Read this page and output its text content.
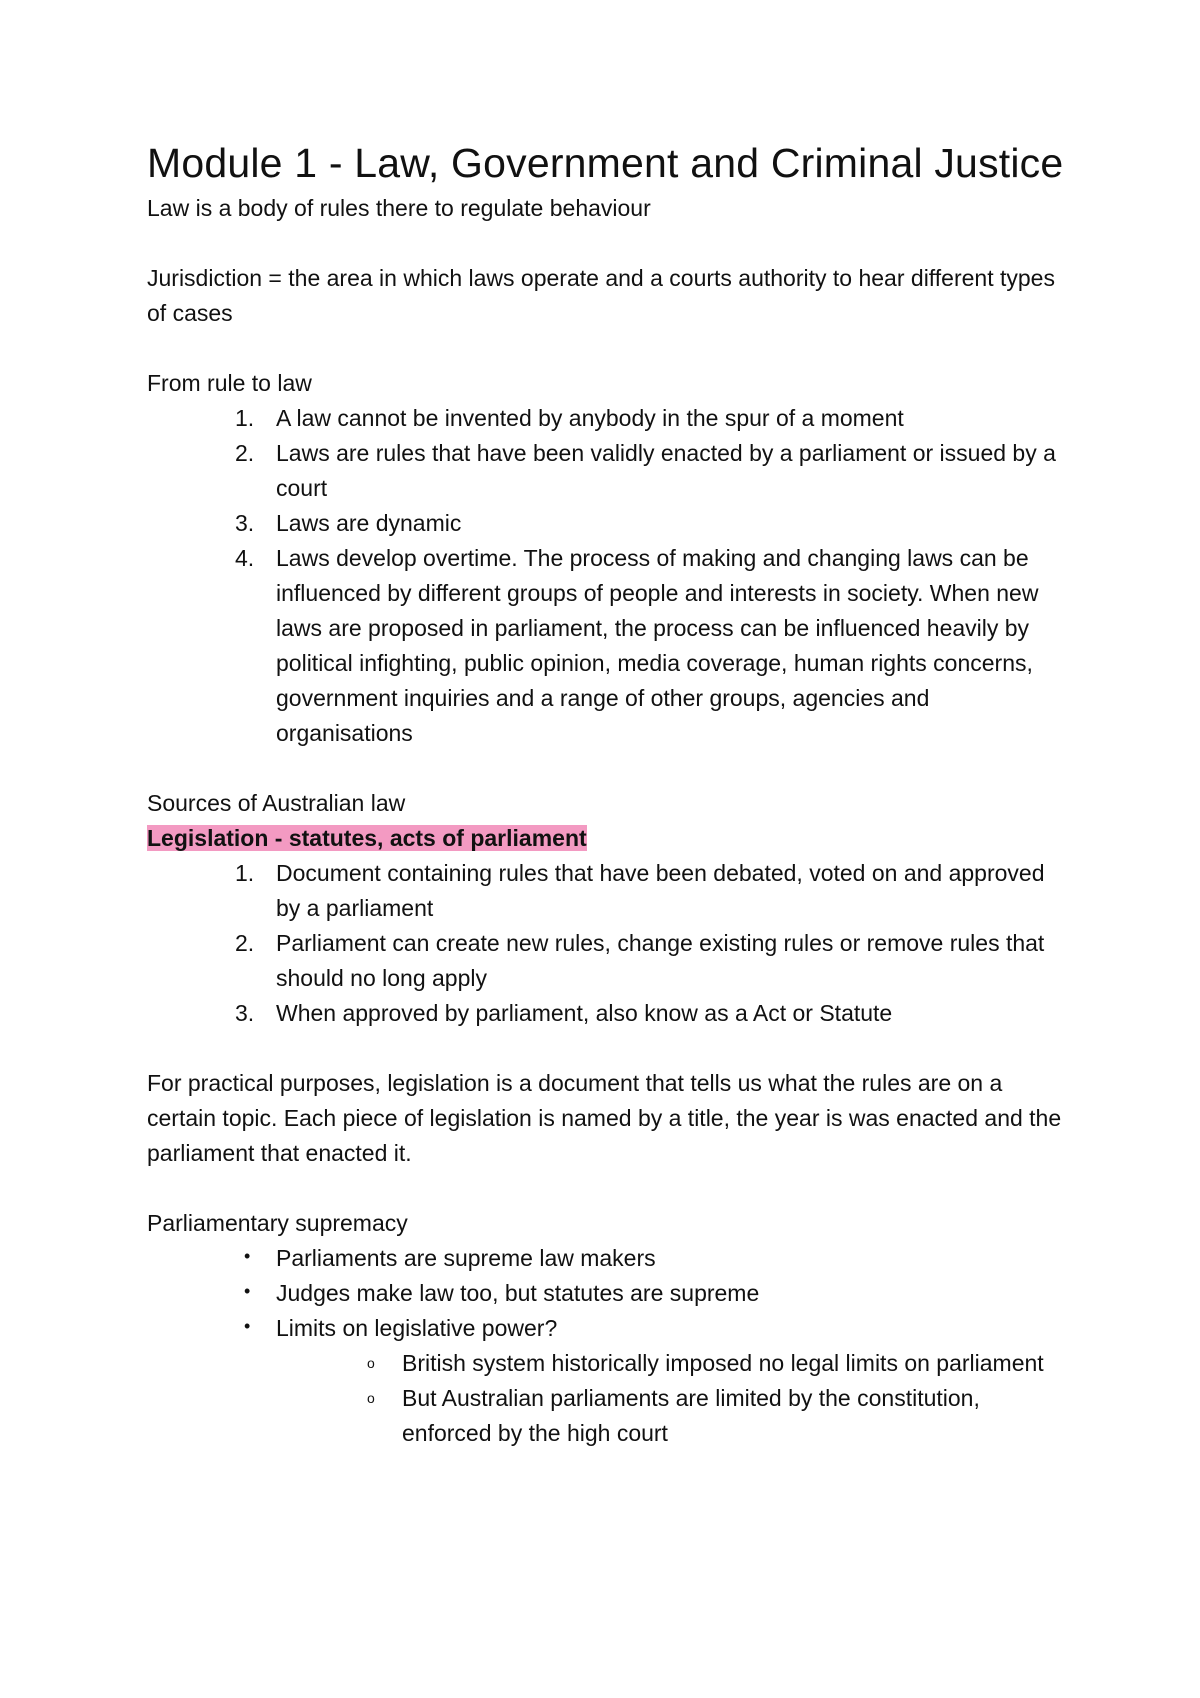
Module 1 - Law, Government and Criminal Justice

Law is a body of rules there to regulate behaviour

Jurisdiction = the area in which laws operate and a courts authority to hear different types of cases

From rule to law

1. A law cannot be invented by anybody in the spur of a moment
2. Laws are rules that have been validly enacted by a parliament or issued by a court
3. Laws are dynamic
4. Laws develop overtime. The process of making and changing laws can be influenced by different groups of people and interests in society. When new laws are proposed in parliament, the process can be influenced heavily by political infighting, public opinion, media coverage, human rights concerns, government inquiries and a range of other groups, agencies and organisations

Sources of Australian law

Legislation - statutes, acts of parliament

1. Document containing rules that have been debated, voted on and approved by a parliament
2. Parliament can create new rules, change existing rules or remove rules that should no long apply
3. When approved by parliament, also know as a Act or Statute

For practical purposes, legislation is a document that tells us what the rules are on a certain topic. Each piece of legislation is named by a title, the year is was enacted and the parliament that enacted it.

Parliamentary supremacy

•	Parliaments are supreme law makers
•	Judges make law too, but statutes are supreme
•	Limits on legislative power?
o British system historically imposed no legal limits on parliament
o But Australian parliaments are limited by the constitution, enforced by the high court
